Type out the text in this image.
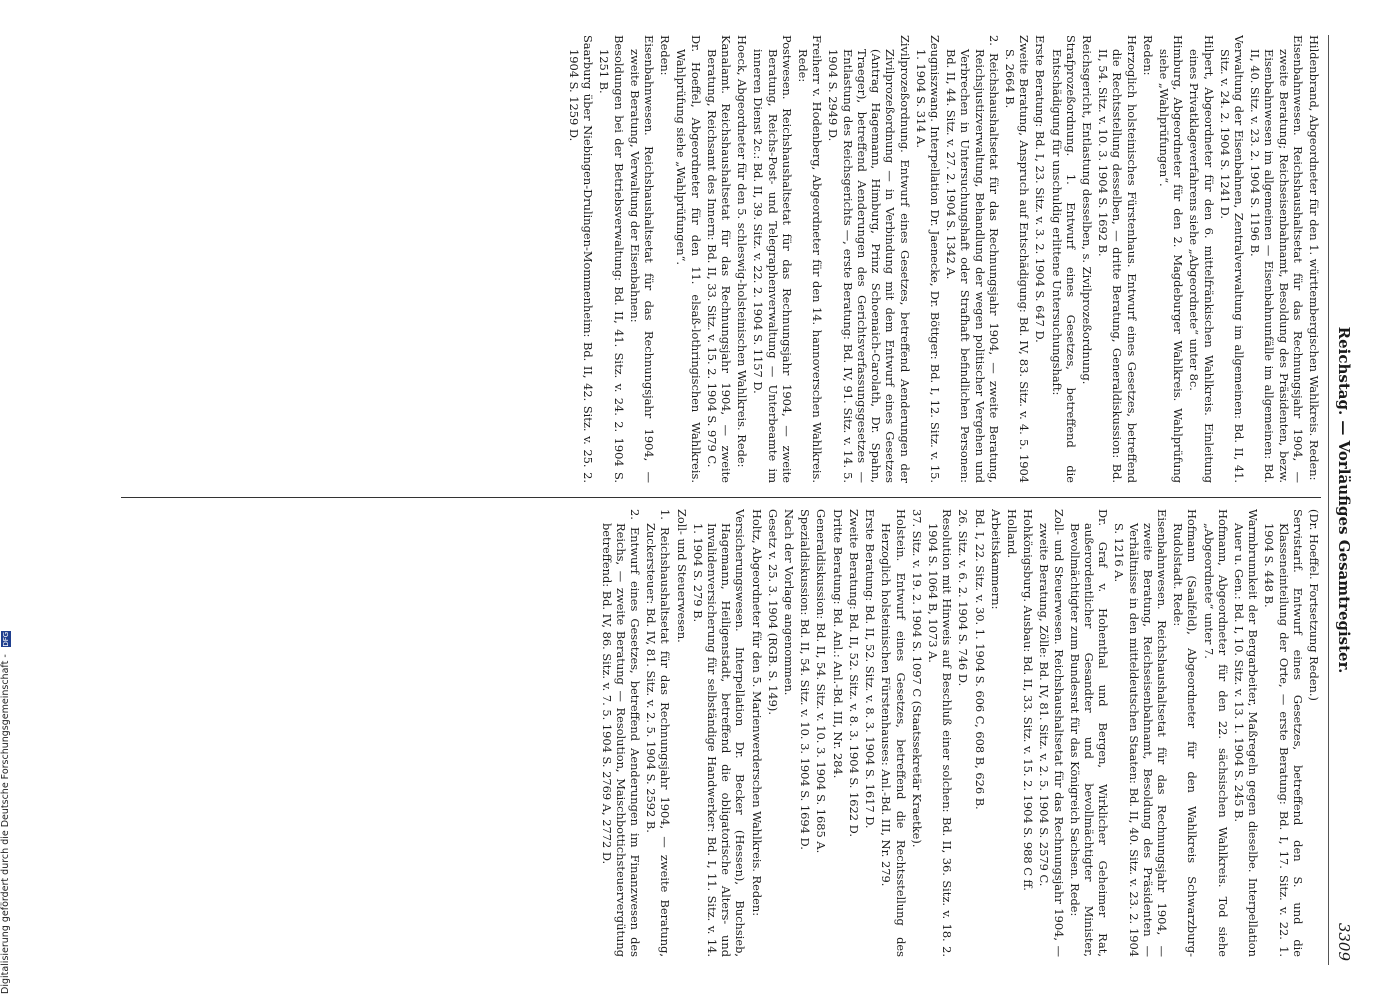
Reichstag. — Vorläufiges Gesamtregister.
3309

Hildenbrand, Abgeordneter für den 1. württembergischen Wahlkreis. Reden:

Eisenbahnwesen. Reichshaushaltsetat für das Rechnungsjahr 1904, — zweite Beratung; Reichseisenbahnamt, Besoldung des Präsidenten, bezw. Eisenbahnwesen im allgemeinen — Eisenbahnunfälle im allgemeinen: Bd. II, 40. Sitz. v. 23. 2. 1904 S. 1196 B.

Verwaltung der Eisenbahnen, Zentralverwaltung im allgemeinen: Bd. II, 41. Sitz. v. 24. 2. 1904 S. 1241 D.

Hilpert, Abgeordneter für den 6. mittelfränkischen Wahlkreis. Einleitung eines Privatklageverfahrens siehe „Abgeordnete“ unter 8c.

Himburg, Abgeordneter für den 2. Magdeburger Wahlkreis. Wahlprüfung siehe „Wahlprüfungen“.

Reden:

Herzoglich holsteinisches Fürstenhaus. Entwurf eines Gesetzes, betreffend die Rechtsstellung desselben, — dritte Beratung, Generaldiskussion: Bd. II, 54. Sitz. v. 10. 3. 1904 S. 1692 B.

Reichsgericht, Entlastung desselben, s. Zivilprozeßordnung.

Strafprozeßordnung. 1. Entwurf eines Gesetzes, betreffend die Entschädigung für unschuldig erlittene Untersuchungshaft:

Erste Beratung: Bd. I, 23. Sitz. v. 3. 2. 1904 S. 647 D.

Zweite Beratung, Anspruch auf Entschädigung: Bd. IV, 83. Sitz. v. 4. 5. 1904 S. 2664 B.

2. Reichshaushaltsetat für das Rechnungsjahr 1904, — zweite Beratung, Reichsjustizverwaltung, Behandlung der wegen politischer Vergehen und Verbrechen in Untersuchungshaft oder Strafhaft befindlichen Personen: Bd. II, 44. Sitz. v. 27. 2. 1904 S. 1342 A.

Zeugniszwang. Interpellation Dr. Jaenecke, Dr. Böttger: Bd. I, 12. Sitz. v. 15. 1. 1904 S. 314 A.

Zivilprozeßordnung. Entwurf eines Gesetzes, betreffend Aenderungen der Zivilprozeßordnung — in Verbindung mit dem Entwurf eines Gesetzes (Antrag Hagemann, Himburg, Prinz Schoenaich-Carolath, Dr. Spahn, Traeger), betreffend Aenderungen des Gerichtsverfassungsgesetzes — Entlastung des Reichsgerichts —, erste Beratung: Bd. IV, 91. Sitz. v. 14. 5. 1904 S. 2949 D.

Freiherr v. Hodenberg, Abgeordneter für den 14. hannoverschen Wahlkreis. Rede:

Postwesen. Reichshaushaltsetat für das Rechnungsjahr 1904, — zweite Beratung, Reichs-Post- und Telegraphenverwaltung — Unterbeamte im inneren Dienst 2c.: Bd. II, 39. Sitz. v. 22. 2. 1904 S. 1157 D.

Hoeck, Abgeordneter für den 5. schleswig-holsteinischen Wahlkreis. Rede:

Kanalamt. Reichshaushaltsetat für das Rechnungsjahr 1904, — zweite Beratung, Reichsamt des Innern: Bd. II, 33. Sitz. v. 15. 2. 1904 S. 979 C.

Dr. Hoeffel, Abgeordneter für den 11. elsaß-lothringischen Wahlkreis. Wahlprüfung siehe „Wahlprüfungen“.

Reden:

Eisenbahnwesen. Reichshaushaltsetat für das Rechnungsjahr 1904, — zweite Beratung, Verwaltung der Eisenbahnen:

Besoldungen bei der Betriebsverwaltung: Bd. II, 41. Sitz. v. 24. 2. 1904 S. 1251 B.

Saarburg über Niebingen-Drulingen-Mommenheim: Bd. II, 42. Sitz. v. 25. 2. 1904 S. 1259 D.

(Dr. Hoeffel. Fortsetzung Reden.)

Servistarif. Entwurf eines Gesetzes, betreffend den S. und die Klasseneinteilung der Orte, — erste Beratung: Bd. I, 17. Sitz. v. 22. 1. 1904 S. 448 B.

Warmbrunnkeit der Bergarbeiter, Maßregeln gegen dieselbe. Interpellation Auer u. Gen.: Bd. I, 10. Sitz. v. 13. 1. 1904 S. 245 B.

Hofmann, Abgeordneter für den 22. sächsischen Wahlkreis. Tod siehe „Abgeordnete“ unter 7.

Hofmann (Saalfeld), Abgeordneter für den Wahlkreis Schwarzburg-Rudolstadt. Rede:

Eisenbahnwesen. Reichshaushaltsetat für das Rechnungsjahr 1904, — zweite Beratung, Reichseisenbahnamt, Besoldung des Präsidenten — Verhältnisse in den mitteldeutschen Staaten: Bd. II, 40. Sitz. v. 23. 2. 1904 S. 1216 A.

Dr. Graf v. Hohenthal und Bergen, Wirklicher Geheimer Rat, außerordentlicher Gesandter und bevollmächtigter Minister, Bevollmächtigter zum Bundesrat für das Königreich Sachsen. Rede:

Zoll- und Steuerwesen. Reichshaushaltsetat für das Rechnungsjahr 1904, — zweite Beratung, Zölle: Bd. IV, 81. Sitz. v. 2. 5. 1904 S. 2579 C.

Hohkönigsburg. Ausbau: Bd. II, 33. Sitz. v. 15. 2. 1904 S. 988 C ff.

Holland.

Arbeitskammern:

Bd. I, 22. Sitz. v. 30. 1. 1904 S. 606 C, 608 B, 626 B.

26. Sitz. v. 6. 2. 1904 S. 746 D.

Resolution mit Hinweis auf Beschluß einer solchen: Bd. II, 36. Sitz. v. 18. 2. 1904 S. 1064 B, 1073 A.

37. Sitz. v. 19. 2. 1904 S. 1097 C (Staatssekretär Kraetke).

Holstein. Entwurf eines Gesetzes, betreffend die Rechtsstellung des Herzoglich holsteinischen Fürstenhauses: Anl.-Bd. III, Nr. 279.

Erste Beratung: Bd. II, 52. Sitz. v. 8. 3. 1904 S. 1617 D.

Zweite Beratung: Bd. II, 52. Sitz. v. 8. 3. 1904 S. 1622 D.

Dritte Beratung: Bd. Anl.: Anl.-Bd. III, Nr. 284.

Generaldiskussion: Bd. II, 54. Sitz. v. 10. 3. 1904 S. 1685 A.

Spezialdiskussion: Bd. II, 54. Sitz. v. 10. 3. 1904 S. 1694 D.

Nach der Vorlage angenommen.

Gesetz v. 25. 3. 1904 (RGB. S. 149).

Holtz, Abgeordneter für den 5. Marienwerderschen Wahlkreis. Reden:

Versicherungswesen. Interpellation Dr. Becker (Hessen), Buchsieb, Hagemann, Heiligenstadt, betreffend die obligatorische Alters- und Invalidenversicherung für selbständige Handwerker: Bd. I, 11. Sitz. v. 14. 1. 1904 S. 279 B.

Zoll- und Steuerwesen.

1. Reichshaushaltsetat für das Rechnungsjahr 1904, — zweite Beratung, Zuckersteuer: Bd. IV, 81. Sitz. v. 2. 5. 1904 S. 2592 B.

2. Entwurf eines Gesetzes, betreffend Aenderungen im Finanzwesen des Reichs, — zweite Beratung — Resolution, Maischbottichsteuervergütung betreffend: Bd. IV, 86. Sitz. v. 7. 5. 1904 S. 2769 A, 2772 D.

Digitalisierung gefördert durch die Deutsche Forschungsgemeinschaft - DFG
